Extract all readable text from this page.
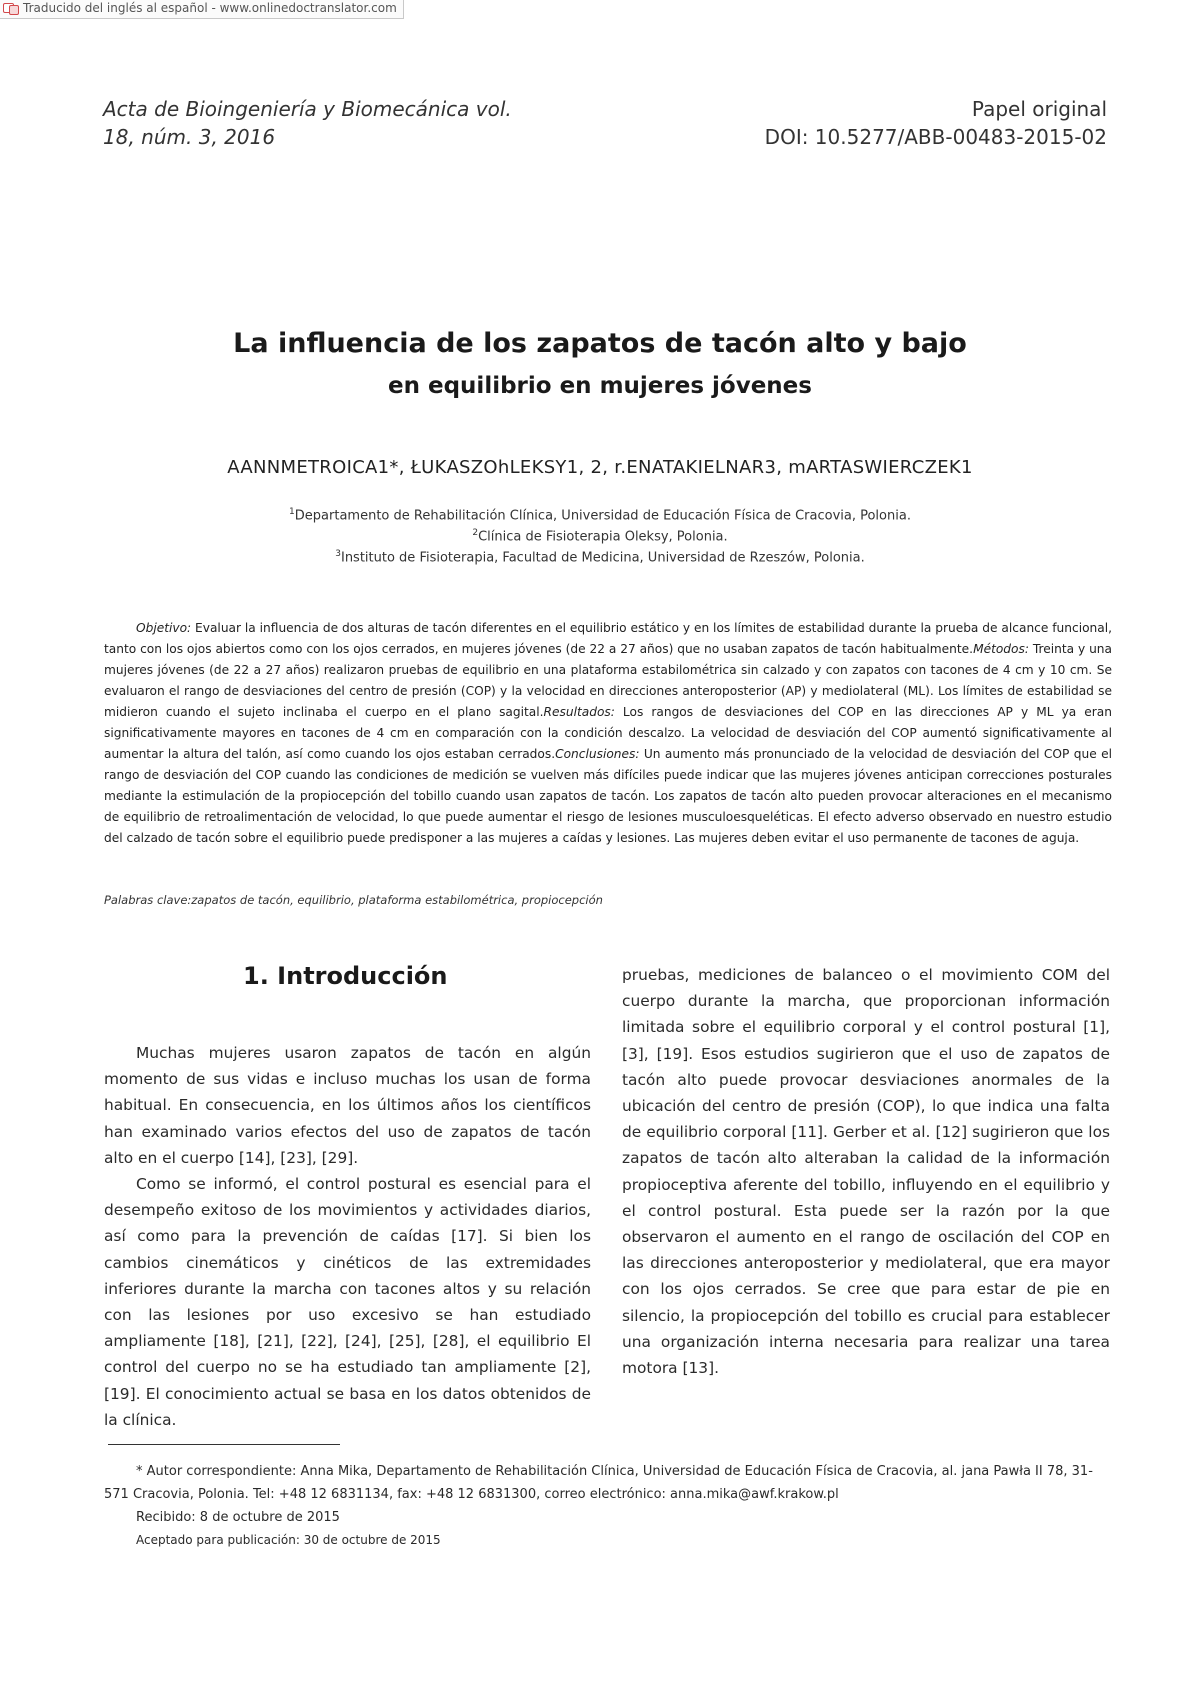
Traducido del inglés al español - www.onlinedoctranslator.com
Acta de Bioingeniería y Biomecánica vol.
18, núm. 3, 2016
Papel original
DOI: 10.5277/ABB-00483-2015-02
La influencia de los zapatos de tacón alto y bajo
en equilibrio en mujeres jóvenes
AANNMETROICA1*, ŁUKASZOhLEKSY1, 2, r.ENATAKIELNAR3, mARTASWIERCZEK1
$^1$Departamento de Rehabilitación Clínica, Universidad de Educación Física de Cracovia, Polonia.
$^2$Clínica de Fisioterapia Oleksy, Polonia.
$^3$Instituto de Fisioterapia, Facultad de Medicina, Universidad de Rzeszów, Polonia.
Objetivo: Evaluar la influencia de dos alturas de tacón diferentes en el equilibrio estático y en los límites de estabilidad durante la prueba de alcance funcional, tanto con los ojos abiertos como con los ojos cerrados, en mujeres jóvenes (de 22 a 27 años) que no usaban zapatos de tacón habitualmente.Métodos: Treinta y una mujeres jóvenes (de 22 a 27 años) realizaron pruebas de equilibrio en una plataforma estabilométrica sin calzado y con zapatos con tacones de 4 cm y 10 cm. Se evaluaron el rango de desviaciones del centro de presión (COP) y la velocidad en direcciones anteroposterior (AP) y mediolateral (ML). Los límites de estabilidad se midieron cuando el sujeto inclinaba el cuerpo en el plano sagital.Resultados: Los rangos de desviaciones del COP en las direcciones AP y ML ya eran significativamente mayores en tacones de 4 cm en comparación con la condición descalzo. La velocidad de desviación del COP aumentó significativamente al aumentar la altura del talón, así como cuando los ojos estaban cerrados.Conclusiones: Un aumento más pronunciado de la velocidad de desviación del COP que el rango de desviación del COP cuando las condiciones de medición se vuelven más difíciles puede indicar que las mujeres jóvenes anticipan correcciones posturales mediante la estimulación de la propiocepción del tobillo cuando usan zapatos de tacón. Los zapatos de tacón alto pueden provocar alteraciones en el mecanismo de equilibrio de retroalimentación de velocidad, lo que puede aumentar el riesgo de lesiones musculoesqueléticas. El efecto adverso observado en nuestro estudio del calzado de tacón sobre el equilibrio puede predisponer a las mujeres a caídas y lesiones. Las mujeres deben evitar el uso permanente de tacones de aguja.
Palabras clave:zapatos de tacón, equilibrio, plataforma estabilométrica, propiocepción
1. Introducción

Muchas mujeres usaron zapatos de tacón en algún momento de sus vidas e incluso muchas los usan de forma habitual. En consecuencia, en los últimos años los científicos han examinado varios efectos del uso de zapatos de tacón alto en el cuerpo [14], [23], [29].

Como se informó, el control postural es esencial para el desempeño exitoso de los movimientos y actividades diarios, así como para la prevención de caídas [17]. Si bien los cambios cinemáticos y cinéticos de las extremidades inferiores durante la marcha con tacones altos y su relación con las lesiones por uso excesivo se han estudiado ampliamente [18], [21], [22], [24], [25], [28], el equilibrio El control del cuerpo no se ha estudiado tan ampliamente [2], [19]. El conocimiento actual se basa en los datos obtenidos de la clínica.

pruebas, mediciones de balanceo o el movimiento COM del cuerpo durante la marcha, que proporcionan información limitada sobre el equilibrio corporal y el control postural [1], [3], [19]. Esos estudios sugirieron que el uso de zapatos de tacón alto puede provocar desviaciones anormales de la ubicación del centro de presión (COP), lo que indica una falta de equilibrio corporal [11]. Gerber et al. [12] sugirieron que los zapatos de tacón alto alteraban la calidad de la información propioceptiva aferente del tobillo, influyendo en el equilibrio y el control postural. Esta puede ser la razón por la que observaron el aumento en el rango de oscilación del COP en las direcciones anteroposterior y mediolateral, que era mayor con los ojos cerrados. Se cree que para estar de pie en silencio, la propiocepción del tobillo es crucial para establecer una organización interna necesaria para realizar una tarea motora [13].

* Autor correspondiente: Anna Mika, Departamento de Rehabilitación Clínica, Universidad de Educación Física de Cracovia, al. jana Pawła II 78, 31-571 Cracovia, Polonia. Tel: +48 12 6831134, fax: +48 12 6831300, correo electrónico: anna.mika@awf.krakow.pl
Recibido: 8 de octubre de 2015
Aceptado para publicación: 30 de octubre de 2015
